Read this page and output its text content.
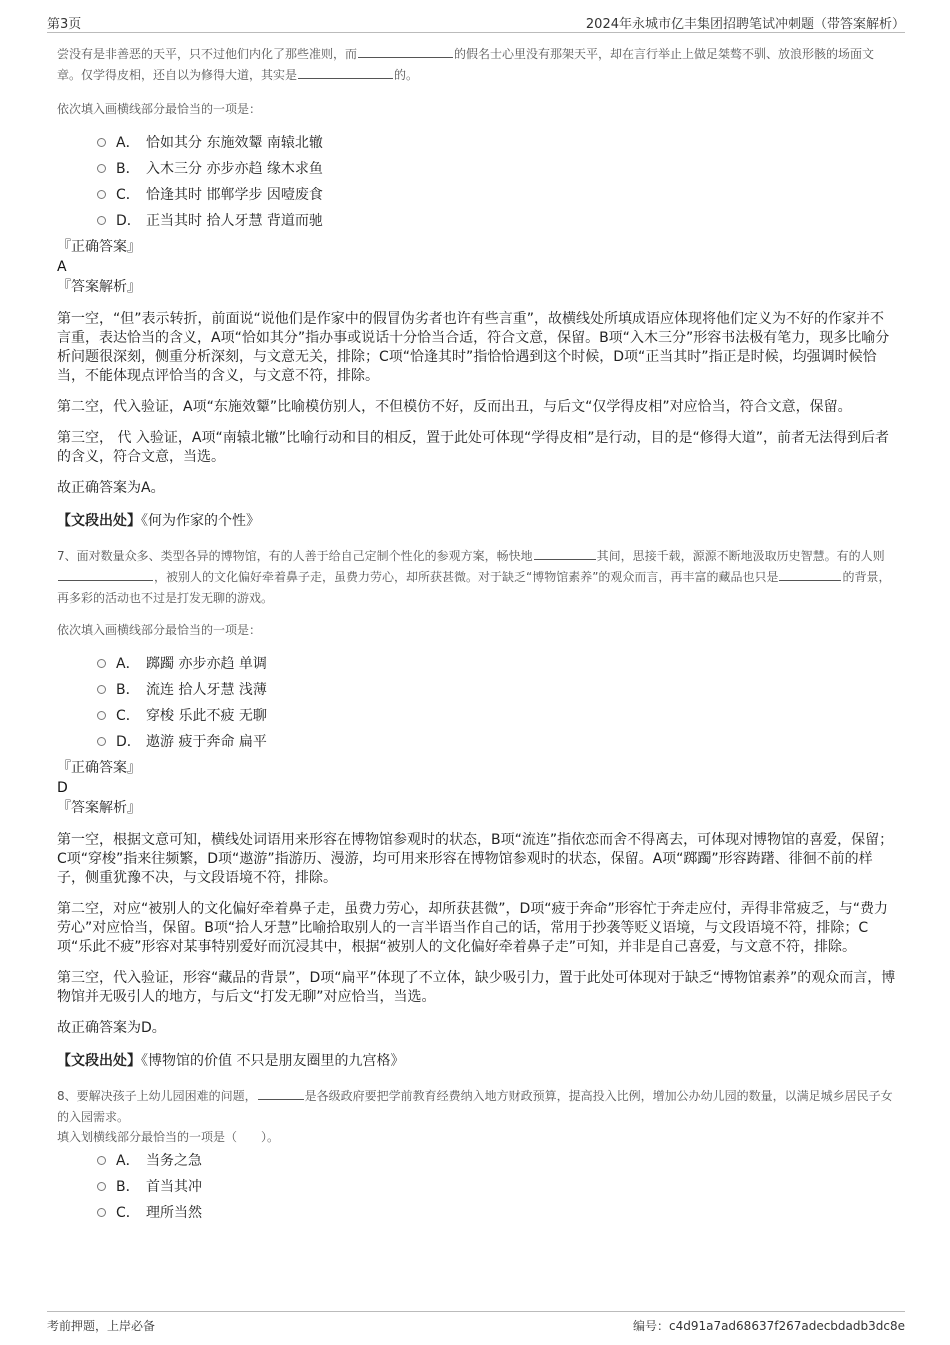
第3页	2024年永城市亿丰集团招聘笔试冲刺题（带答案解析）

尝没有是非善恶的天平，只不过他们内化了那些准则，而	的假名士心里没有那架天平，却在言行举止上做足桀骜不驯、放浪形骸的场面文章。仅学得皮相，还自以为修得大道，其实是	的。

依次填入画横线部分最恰当的一项是：

A． 恰如其分 东施效颦 南辕北辙
B． 入木三分 亦步亦趋 缘木求鱼
C． 恰逢其时 邯郸学步 因噎废食
D． 正当其时 拾人牙慧 背道而驰

『正确答案』

A

『答案解析』

第一空，“但”表示转折，前面说“说他们是作家中的假冒伪劣者也许有些言重”，故横线处所填成语应体现将他们定义为不好的作家并不言重，表达恰当的含义，A项“恰如其分”指办事或说话十分恰当合适，符合文意，保留。B项“入木三分”形容书法极有笔力，现多比喻分析问题很深刻，侧重分析深刻，与文意无关，排除；C项“恰逢其时”指恰恰遇到这个时候，D项“正当其时”指正是时候，均强调时候恰当，不能体现点评恰当的含义，与文意不符，排除。

第二空，代入验证，A项“东施效颦”比喻模仿别人，不但模仿不好，反而出丑，与后文“仅学得皮相”对应恰当，符合文意，保留。

第三空， 代 入验证，A项“南辕北辙”比喻行动和目的相反，置于此处可体现“学得皮相”是行动，目的是“修得大道”，前者无法得到后者的含义，符合文意，当选。

故正确答案为A。

【文段出处】《何为作家的个性》

7、面对数量众多、类型各异的博物馆，有的人善于给自己定制个性化的参观方案，畅快地	其间，思接千载，源源不断地汲取历史智慧。有的人则，被别人的文化偏好牵着鼻子走，虽费力劳心，却所获甚微。对于缺乏“博物馆素养”的观众而言，再丰富的藏品也只是	的背景，再多彩的活动也不过是打发无聊的游戏。

依次填入画横线部分最恰当的一项是：

A． 踯躅 亦步亦趋 单调
B． 流连 拾人牙慧 浅薄
C． 穿梭 乐此不疲 无聊
D． 遨游 疲于奔命 扁平

『正确答案』

D

『答案解析』

第一空，根据文意可知，横线处词语用来形容在博物馆参观时的状态，B项“流连”指依恋而舍不得离去，可体现对博物馆的喜爱，保留；C项“穿梭”指来往频繁，D项“遨游”指游历、漫游，均可用来形容在博物馆参观时的状态，保留。A项“踯躅”形容踌躇、徘徊不前的样子，侧重犹豫不决，与文段语境不符，排除。

第二空，对应“被别人的文化偏好牵着鼻子走，虽费力劳心，却所获甚微”，D项“疲于奔命”形容忙于奔走应付，弄得非常疲乏，与“费力劳心”对应恰当，保留。B项“拾人牙慧”比喻拾取别人的一言半语当作自己的话，常用于抄袭等贬义语境，与文段语境不符，排除；C项“乐此不疲”形容对某事特别爱好而沉浸其中，根据“被别人的文化偏好牵着鼻子走”可知，并非是自己喜爱，与文意不符，排除。

第三空，代入验证，形容“藏品的背景”，D项“扁平”体现了不立体，缺少吸引力，置于此处可体现对于缺乏“博物馆素养”的观众而言，博物馆并无吸引人的地方，与后文“打发无聊”对应恰当，当选。

故正确答案为D。

【文段出处】《博物馆的价值 不只是朋友圈里的九宫格》

8、要解决孩子上幼儿园困难的问题，	是各级政府要把学前教育经费纳入地方财政预算，提高投入比例，增加公办幼儿园的数量，以满足城乡居民子女的入园需求。

填入划横线部分最恰当的一项是（　　）。

A． 当务之急
B． 首当其冲
C． 理所当然
考前押题，上岸必备	编号：c4d91a7ad68637f267adecbdadb3dc8e
